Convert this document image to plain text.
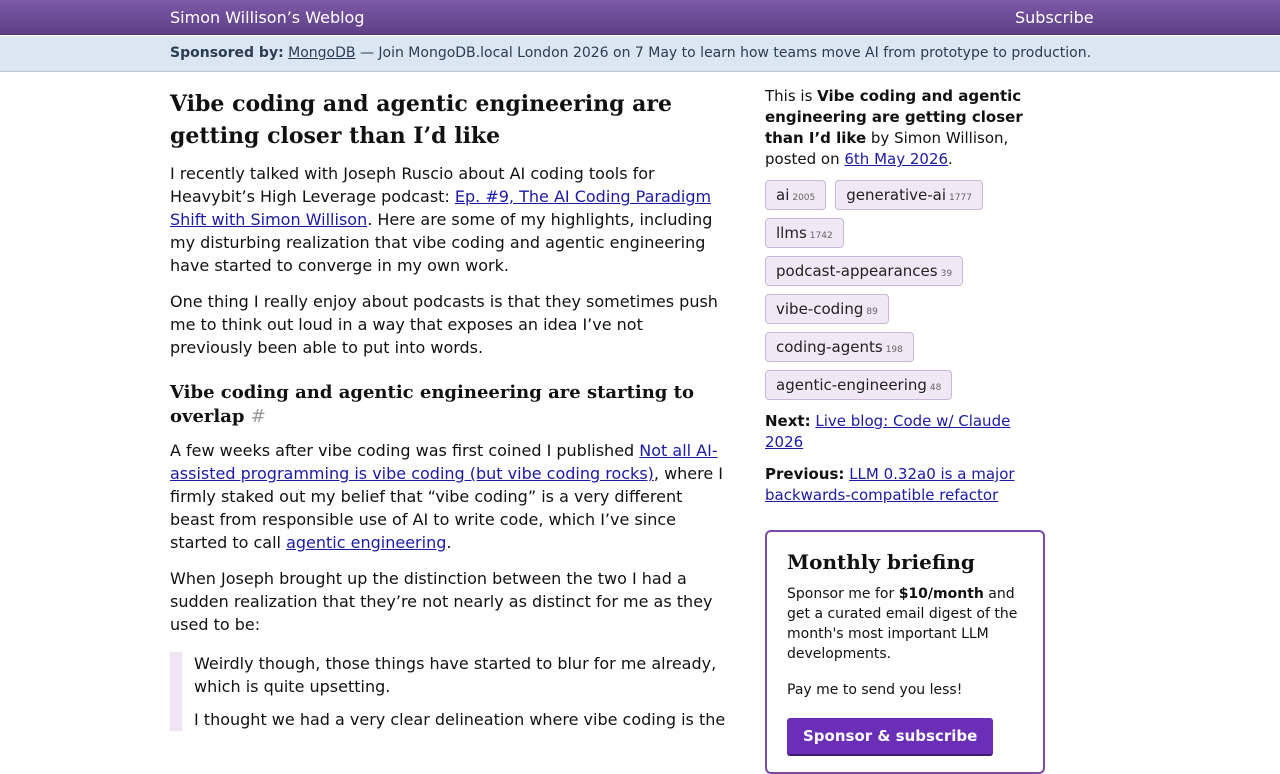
Simon Willison’s Weblog	Subscribe
Sponsored by: MongoDB — Join MongoDB.local London 2026 on 7 May to learn how teams move AI from prototype to production.
Vibe coding and agentic engineering are getting closer than I’d like

I recently talked with Joseph Ruscio about AI coding tools for Heavybit’s High Leverage podcast: Ep. #9, The AI Coding Paradigm Shift with Simon Willison. Here are some of my highlights, including my disturbing realization that vibe coding and agentic engineering have started to converge in my own work.

One thing I really enjoy about podcasts is that they sometimes push me to think out loud in a way that exposes an idea I’ve not previously been able to put into words.

Vibe coding and agentic engineering are starting to overlap #

A few weeks after vibe coding was first coined I published Not all AI-assisted programming is vibe coding (but vibe coding rocks), where I firmly staked out my belief that “vibe coding” is a very different beast from responsible use of AI to write code, which I’ve since started to call agentic engineering.

When Joseph brought up the distinction between the two I had a sudden realization that they’re not nearly as distinct for me as they used to be:

Weirdly though, those things have started to blur for me already, which is quite upsetting.

I thought we had a very clear delineation where vibe coding is the

This is Vibe coding and agentic engineering are getting closer than I’d like by Simon Willison, posted on 6th May 2026.
ai 2005	generative-ai 1777
llms 1742
podcast-appearances 39
vibe-coding 89
coding-agents 198
agentic-engineering 48
Next: Live blog: Code w/ Claude 2026
Previous: LLM 0.32a0 is a major backwards-compatible refactor
Monthly briefing

Sponsor me for $10/month and get a curated email digest of the month's most important LLM developments.

Pay me to send you less!

Sponsor & subscribe
